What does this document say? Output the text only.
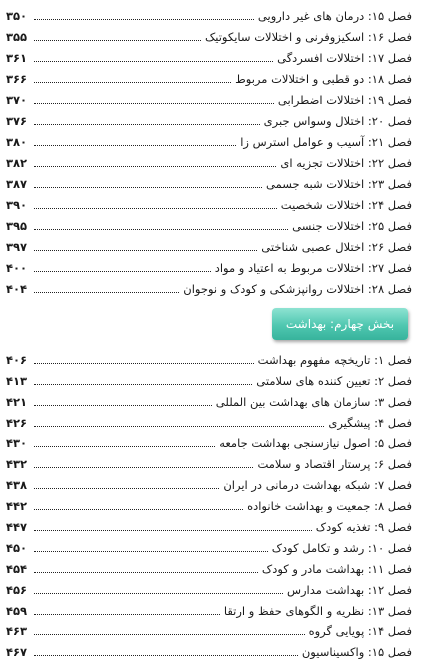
فصل ۱۵: درمان های غیر دارویی
۳۵۰
فصل ۱۶: اسکیزوفرنی و اختلالات سایکوتیک
۳۵۵
فصل ۱۷: اختلالات افسردگی
۳۶۱
فصل ۱۸: دو قطبی و اختلالات مربوط
۳۶۶
فصل ۱۹: اختلالات اضطرابی
۳۷۰
فصل ۲۰: اختلال وسواس جبری
۳۷۶
فصل ۲۱: آسیب و عوامل استرس زا
۳۸۰
فصل ۲۲: اختلالات تجزیه ای
۳۸۲
فصل ۲۳: اختلالات شبه جسمی
۳۸۷
فصل ۲۴: اختلالات شخصیت
۳۹۰
فصل ۲۵: اختلالات جنسی
۳۹۵
فصل ۲۶: اختلال عصبی شناختی
۳۹۷
فصل ۲۷: اختلالات مربوط به اعتیاد و مواد
۴۰۰
فصل ۲۸: اختلالات روانپزشکی و کودک و نوجوان
۴۰۴
بخش چهارم: بهداشت
فصل ۱: تاریخچه مفهوم بهداشت
۴۰۶
فصل ۲: تعیین کننده های سلامتی
۴۱۳
فصل ۳: سازمان های بهداشت بین المللی
۴۲۱
فصل ۴: پیشگیری
۴۲۶
فصل ۵: اصول نیازسنجی بهداشت جامعه
۴۳۰
فصل ۶: پرستار اقتصاد و سلامت
۴۳۲
فصل ۷: شبکه بهداشت درمانی در ایران
۴۳۸
فصل ۸: جمعیت و بهداشت خانواده
۴۴۲
فصل ۹: تغذیه کودک
۴۴۷
فصل ۱۰: رشد و تکامل کودک
۴۵۰
فصل ۱۱: بهداشت مادر و کودک
۴۵۴
فصل ۱۲: بهداشت مدارس
۴۵۶
فصل ۱۳: نظریه و الگوهای حفظ و ارتقا
۴۵۹
فصل ۱۴: پویایی گروه
۴۶۳
فصل ۱۵: واکسیناسیون
۴۶۷
